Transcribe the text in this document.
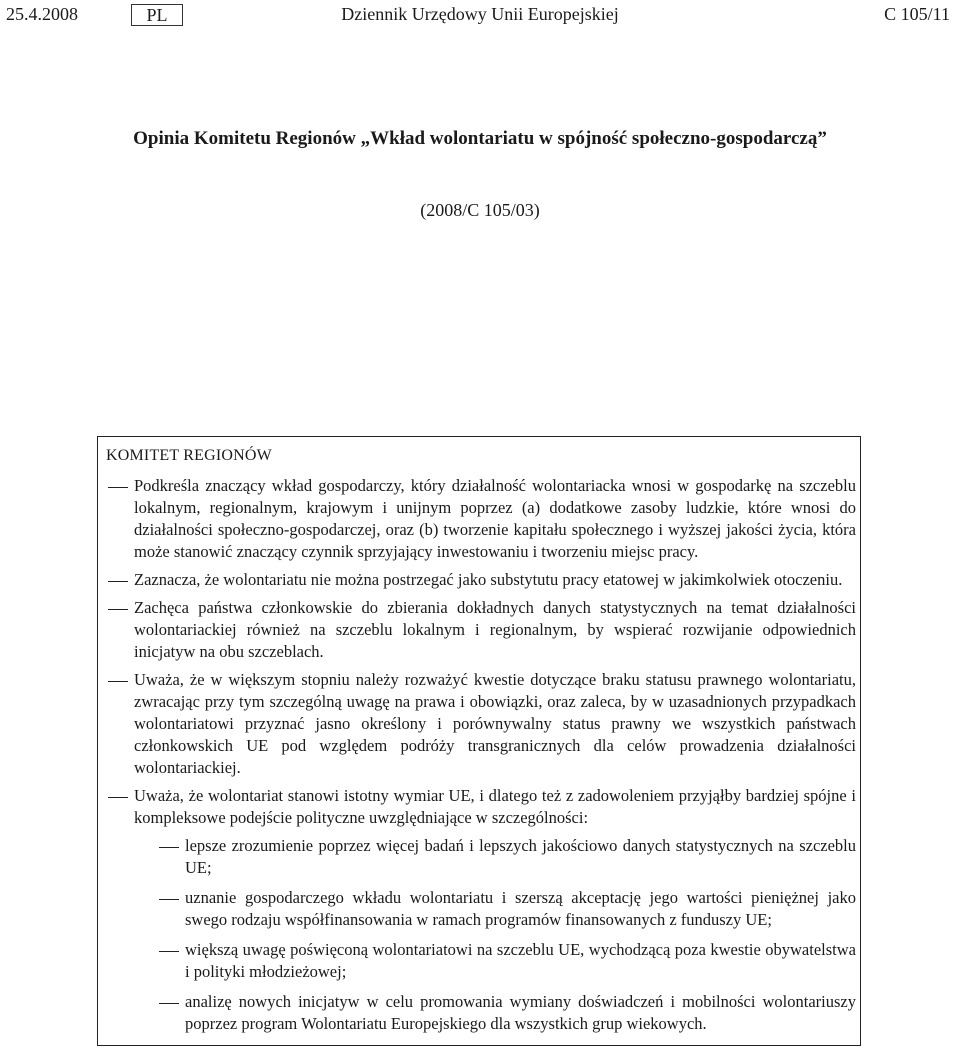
Dziennik Urzędowy Unii Europejskiej
25.4.2008	PL	C 105/11
Opinia Komitetu Regionów „Wkład wolontariatu w spójność społeczno-gospodarczą”
(2008/C 105/03)
KOMITET REGIONÓW
Podkreśla znaczący wkład gospodarczy, który działalność wolontariacka wnosi w gospodarkę na szczeblu lokalnym, regionalnym, krajowym i unijnym poprzez (a) dodatkowe zasoby ludzkie, które wnosi do działalności społeczno-gospodarczej, oraz (b) tworzenie kapitału społecznego i wyższej jakości życia, która może stanowić znaczący czynnik sprzyjający inwestowaniu i tworzeniu miejsc pracy.
Zaznacza, że wolontariatu nie można postrzegać jako substytutu pracy etatowej w jakimkolwiek otoczeniu.
Zachęca państwa członkowskie do zbierania dokładnych danych statystycznych na temat działalności wolontariackiej również na szczeblu lokalnym i regionalnym, by wspierać rozwijanie odpowiednich inicjatyw na obu szczeblach.
Uważa, że w większym stopniu należy rozważyć kwestie dotyczące braku statusu prawnego wolontariatu, zwracając przy tym szczególną uwagę na prawa i obowiązki, oraz zaleca, by w uzasadnionych przypadkach wolontariatowi przyznać jasno określony i porównywalny status prawny we wszystkich państwach członkowskich UE pod względem podróży transgranicznych dla celów prowadzenia działalności wolontariackiej.
Uważa, że wolontariat stanowi istotny wymiar UE, i dlatego też z zadowoleniem przyjąłby bardziej spójne i kompleksowe podejście polityczne uwzględniające w szczególności:
lepsze zrozumienie poprzez więcej badań i lepszych jakościowo danych statystycznych na szczeblu UE;
uznanie gospodarczego wkładu wolontariatu i szerszą akceptację jego wartości pieniężnej jako swego rodzaju współfinansowania w ramach programów finansowanych z funduszy UE;
większą uwagę poświęconą wolontariatowi na szczeblu UE, wychodzącą poza kwestie obywatelstwa i polityki młodzieżowej;
analizę nowych inicjatyw w celu promowania wymiany doświadczeń i mobilności wolontariuszy poprzez program Wolontariatu Europejskiego dla wszystkich grup wiekowych.
